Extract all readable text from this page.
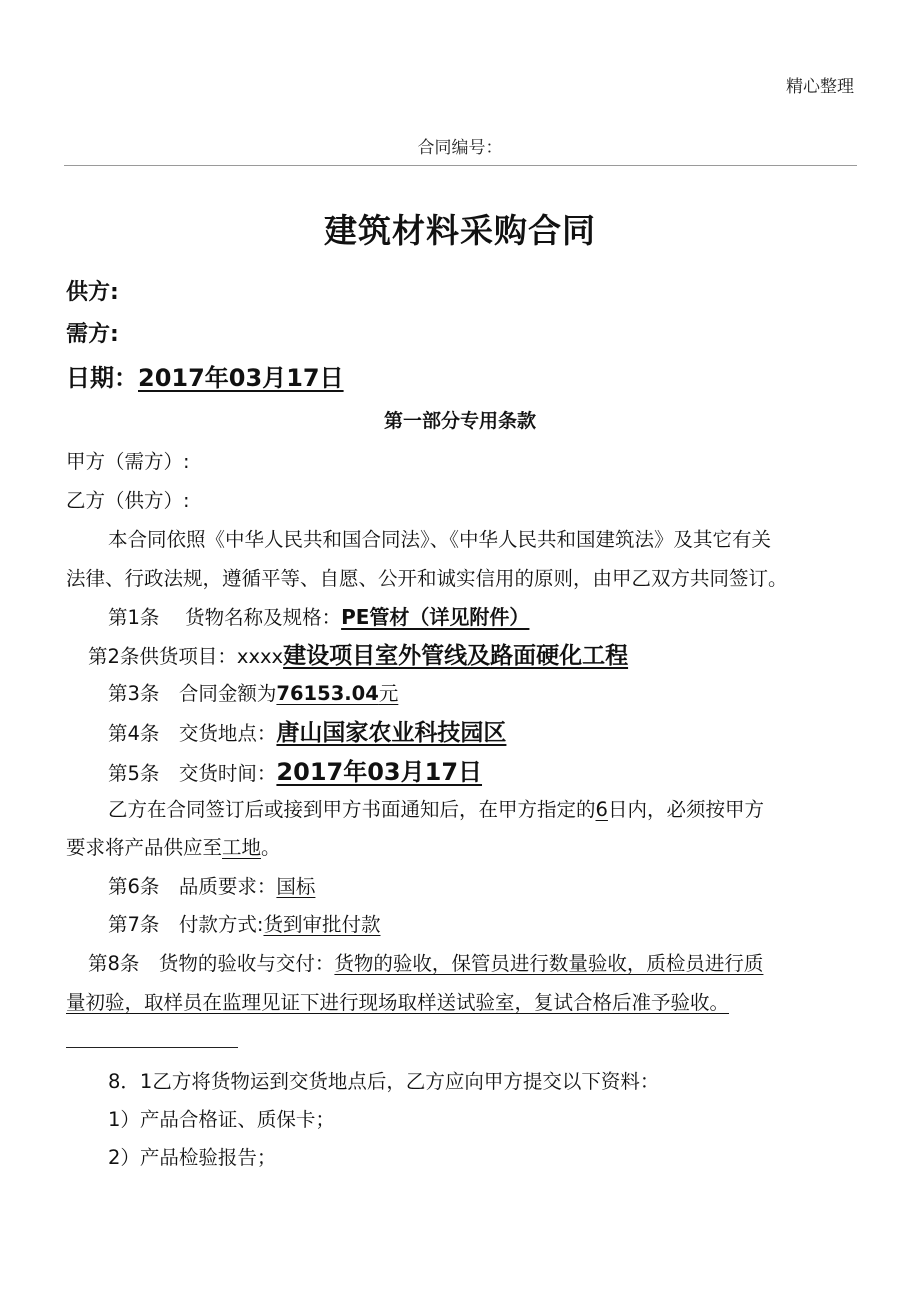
精心整理
合同编号：
建筑材料采购合同
供方:
需方:
日期：2017年03月17日
第一部分专用条款
甲方（需方）:
乙方（供方）:
本合同依照《中华人民共和国合同法》、《中华人民共和国建筑法》及其它有关
法律、行政法规，遵循平等、自愿、公开和诚实信用的原则，由甲乙双方共同签订。
第1条　 货物名称及规格：PE管材（详见附件）
第2条供货项目：xxxx建设项目室外管线及路面硬化工程
第3条　合同金额为76153.04元
第4条　交货地点：唐山国家农业科技园区
第5条　交货时间：2017年03月17日
乙方在合同签订后或接到甲方书面通知后，在甲方指定的6日内，必须按甲方
要求将产品供应至工地。
第6条　品质要求：国标
第7条　付款方式:货到审批付款
第8条　货物的验收与交付：货物的验收，保管员进行数量验收，质检员进行质
量初验，取样员在监理见证下进行现场取样送试验室，复试合格后准予验收。
8．1乙方将货物运到交货地点后，乙方应向甲方提交以下资料：
1）产品合格证、质保卡；
2）产品检验报告；
